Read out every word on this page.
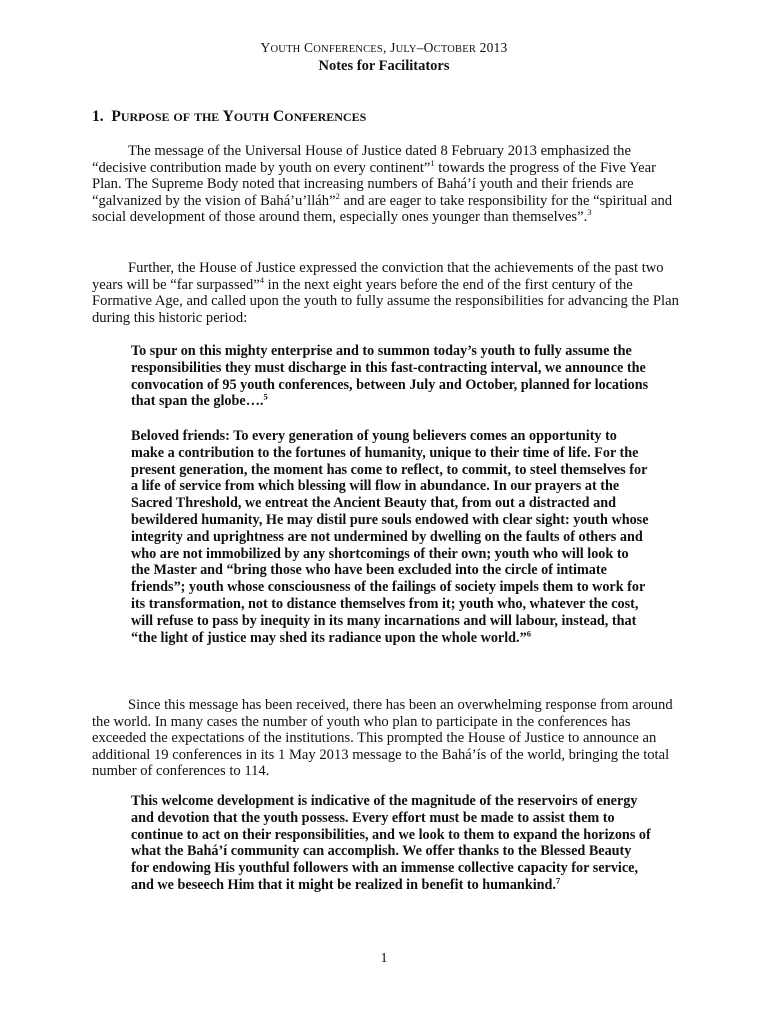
YOUTH CONFERENCES, JULY–OCTOBER 2013
Notes for Facilitators
1. PURPOSE OF THE YOUTH CONFERENCES
The message of the Universal House of Justice dated 8 February 2013 emphasized the “decisive contribution made by youth on every continent”$^1$ towards the progress of the Five Year Plan. The Supreme Body noted that increasing numbers of Bahá’í youth and their friends are “galvanized by the vision of Bahá’u’lláh”$^2$ and are eager to take responsibility for the “spiritual and social development of those around them, especially ones younger than themselves”.$^3$
Further, the House of Justice expressed the conviction that the achievements of the past two years will be “far surpassed”$^4$ in the next eight years before the end of the first century of the Formative Age, and called upon the youth to fully assume the responsibilities for advancing the Plan during this historic period:
To spur on this mighty enterprise and to summon today’s youth to fully assume the responsibilities they must discharge in this fast-contracting interval, we announce the convocation of 95 youth conferences, between July and October, planned for locations that span the globe….$^5$
Beloved friends: To every generation of young believers comes an opportunity to make a contribution to the fortunes of humanity, unique to their time of life. For the present generation, the moment has come to reflect, to commit, to steel themselves for a life of service from which blessing will flow in abundance. In our prayers at the Sacred Threshold, we entreat the Ancient Beauty that, from out a distracted and bewildered humanity, He may distil pure souls endowed with clear sight: youth whose integrity and uprightness are not undermined by dwelling on the faults of others and who are not immobilized by any shortcomings of their own; youth who will look to the Master and “bring those who have been excluded into the circle of intimate friends”; youth whose consciousness of the failings of society impels them to work for its transformation, not to distance themselves from it; youth who, whatever the cost, will refuse to pass by inequity in its many incarnations and will labour, instead, that “the light of justice may shed its radiance upon the whole world.”$^6$
Since this message has been received, there has been an overwhelming response from around the world. In many cases the number of youth who plan to participate in the conferences has exceeded the expectations of the institutions. This prompted the House of Justice to announce an additional 19 conferences in its 1 May 2013 message to the Bahá’ís of the world, bringing the total number of conferences to 114.
This welcome development is indicative of the magnitude of the reservoirs of energy and devotion that the youth possess. Every effort must be made to assist them to continue to act on their responsibilities, and we look to them to expand the horizons of what the Bahá’í community can accomplish. We offer thanks to the Blessed Beauty for endowing His youthful followers with an immense collective capacity for service, and we beseech Him that it might be realized in benefit to humankind.$^7$
1
